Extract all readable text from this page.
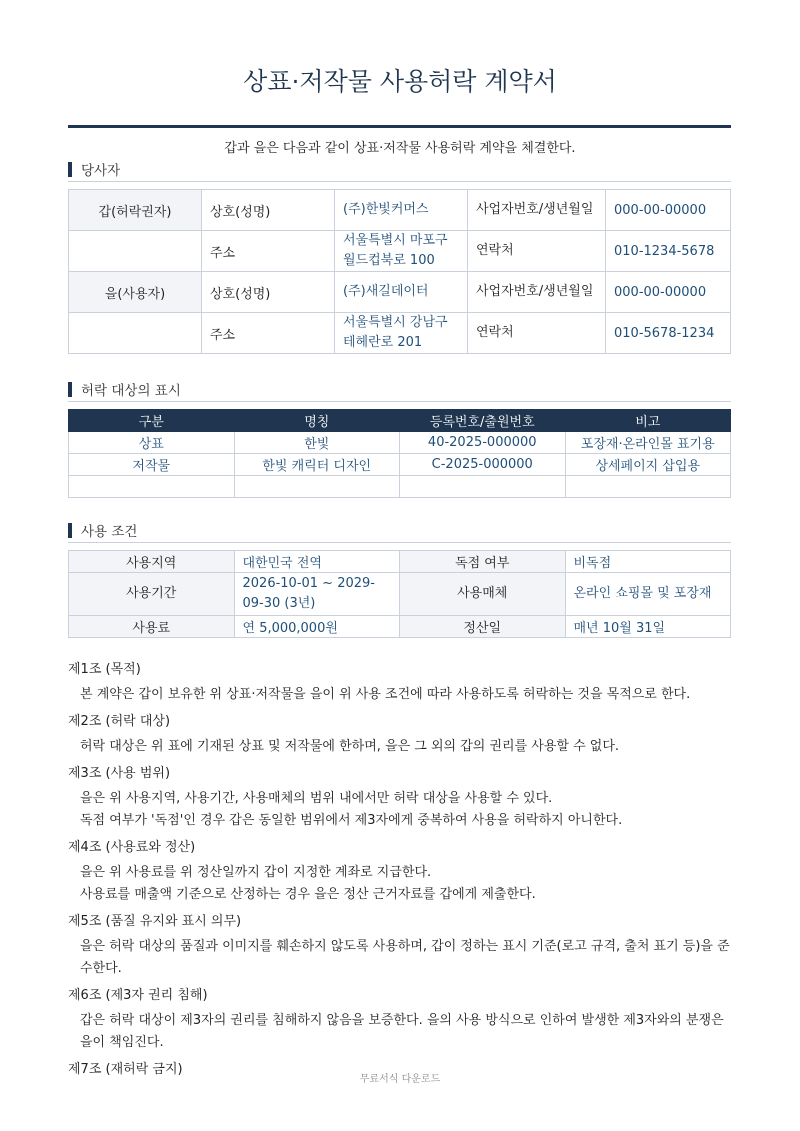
상표·저작물 사용허락 계약서
갑과 을은 다음과 같이 상표·저작물 사용허락 계약을 체결한다.
당사자
갑(허락권자)	상호(성명)	(주)한빛커머스	사업자번호/생년월일	000-00-00000
	주소	서울특별시 마포구 월드컵북로 100	연락처	010-1234-5678
을(사용자)	상호(성명)	(주)새길데이터	사업자번호/생년월일	000-00-00000
	주소	서울특별시 강남구 테헤란로 201	연락처	010-5678-1234
허락 대상의 표시
구분	명칭	등록번호/출원번호	비고
상표	한빛	40-2025-000000	포장재·온라인몰 표기용
저작물	한빛 캐릭터 디자인	C-2025-000000	상세페이지 삽입용

사용 조건
사용지역	대한민국 전역	독점 여부	비독점
사용기간	2026-10-01 ~ 2029-09-30 (3년)	사용매체	온라인 쇼핑몰 및 포장재
사용료	연 5,000,000원	정산일	매년 10월 31일

제1조 (목적)

본 계약은 갑이 보유한 위 상표·저작물을 을이 위 사용 조건에 따라 사용하도록 허락하는 것을 목적으로 한다.

제2조 (허락 대상)

허락 대상은 위 표에 기재된 상표 및 저작물에 한하며, 을은 그 외의 갑의 권리를 사용할 수 없다.

제3조 (사용 범위)

을은 위 사용지역, 사용기간, 사용매체의 범위 내에서만 허락 대상을 사용할 수 있다.
독점 여부가 '독점'인 경우 갑은 동일한 범위에서 제3자에게 중복하여 사용을 허락하지 아니한다.

제4조 (사용료와 정산)

을은 위 사용료를 위 정산일까지 갑이 지정한 계좌로 지급한다.
사용료를 매출액 기준으로 산정하는 경우 을은 정산 근거자료를 갑에게 제출한다.

제5조 (품질 유지와 표시 의무)

을은 허락 대상의 품질과 이미지를 훼손하지 않도록 사용하며, 갑이 정하는 표시 기준(로고 규격, 출처 표기 등)을 준수한다.

제6조 (제3자 권리 침해)

갑은 허락 대상이 제3자의 권리를 침해하지 않음을 보증한다. 을의 사용 방식으로 인하여 발생한 제3자와의 분쟁은 을이 책임진다.

제7조 (재허락 금지)

무료서식 다운로드
